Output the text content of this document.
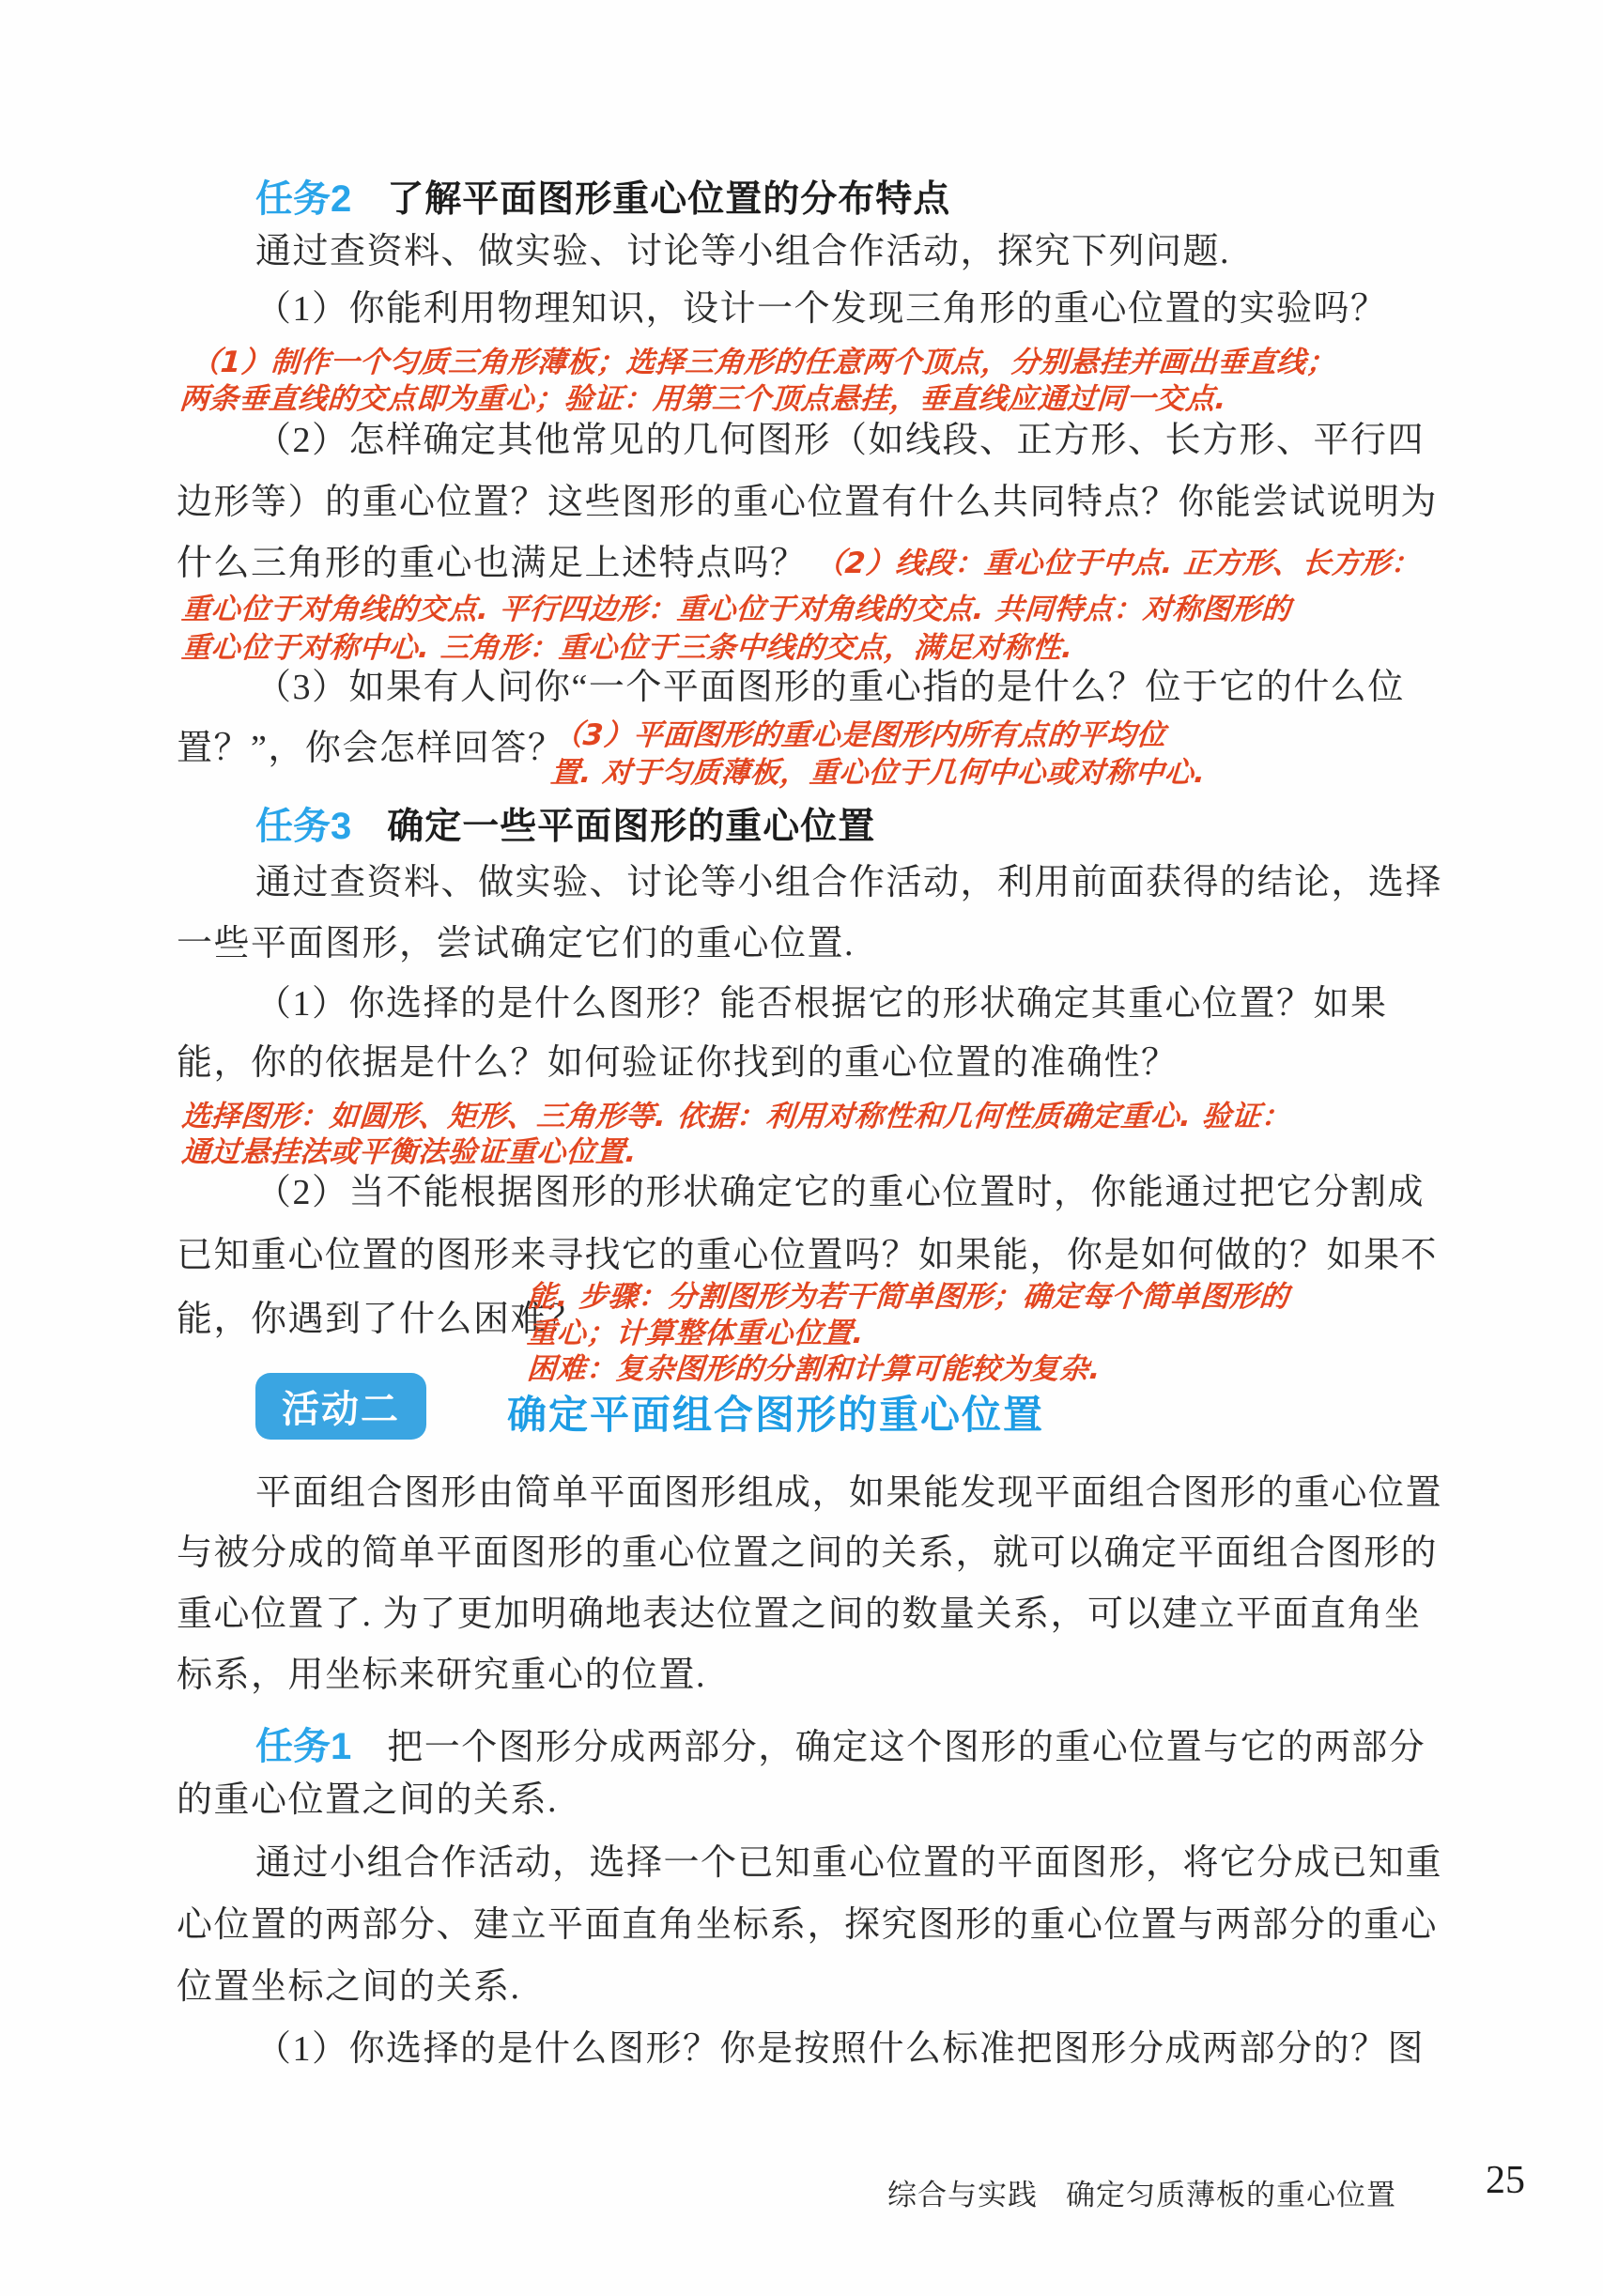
任务2 了解平面图形重心位置的分布特点
通过查资料、做实验、讨论等小组合作活动，探究下列问题.
（1）你能利用物理知识，设计一个发现三角形的重心位置的实验吗？
（1）制作一个匀质三角形薄板；选择三角形的任意两个顶点，分别悬挂并画出垂直线；
两条垂直线的交点即为重心；验证：用第三个顶点悬挂，垂直线应通过同一交点.
（2）怎样确定其他常见的几何图形（如线段、正方形、长方形、平行四
边形等）的重心位置？这些图形的重心位置有什么共同特点？你能尝试说明为
什么三角形的重心也满足上述特点吗？ （2）线段：重心位于中点. 正方形、长方形：
重心位于对角线的交点. 平行四边形：重心位于对角线的交点. 共同特点：对称图形的
重心位于对称中心. 三角形：重心位于三条中线的交点，满足对称性.
（3）如果有人问你“一个平面图形的重心指的是什么？位于它的什么位
置？”，你会怎样回答？
（3）平面图形的重心是图形内所有点的平均位
置. 对于匀质薄板，重心位于几何中心或对称中心.
任务3 确定一些平面图形的重心位置
通过查资料、做实验、讨论等小组合作活动，利用前面获得的结论，选择
一些平面图形，尝试确定它们的重心位置.
（1）你选择的是什么图形？能否根据它的形状确定其重心位置？如果
能，你的依据是什么？如何验证你找到的重心位置的准确性？
选择图形：如圆形、矩形、三角形等. 依据：利用对称性和几何性质确定重心. 验证：
通过悬挂法或平衡法验证重心位置.
（2）当不能根据图形的形状确定它的重心位置时，你能通过把它分割成
已知重心位置的图形来寻找它的重心位置吗？如果能，你是如何做的？如果不
能，你遇到了什么困难？
能. 步骤：分割图形为若干简单图形；确定每个简单图形的
重心；计算整体重心位置.
困难：复杂图形的分割和计算可能较为复杂.
活动二	确定平面组合图形的重心位置
平面组合图形由简单平面图形组成，如果能发现平面组合图形的重心位置
与被分成的简单平面图形的重心位置之间的关系，就可以确定平面组合图形的
重心位置了. 为了更加明确地表达位置之间的数量关系，可以建立平面直角坐
标系，用坐标来研究重心的位置.
任务1 把一个图形分成两部分，确定这个图形的重心位置与它的两部分
的重心位置之间的关系.
通过小组合作活动，选择一个已知重心位置的平面图形，将它分成已知重
心位置的两部分、建立平面直角坐标系，探究图形的重心位置与两部分的重心
位置坐标之间的关系.
（1）你选择的是什么图形？你是按照什么标准把图形分成两部分的？图
综合与实践 确定匀质薄板的重心位置 25
